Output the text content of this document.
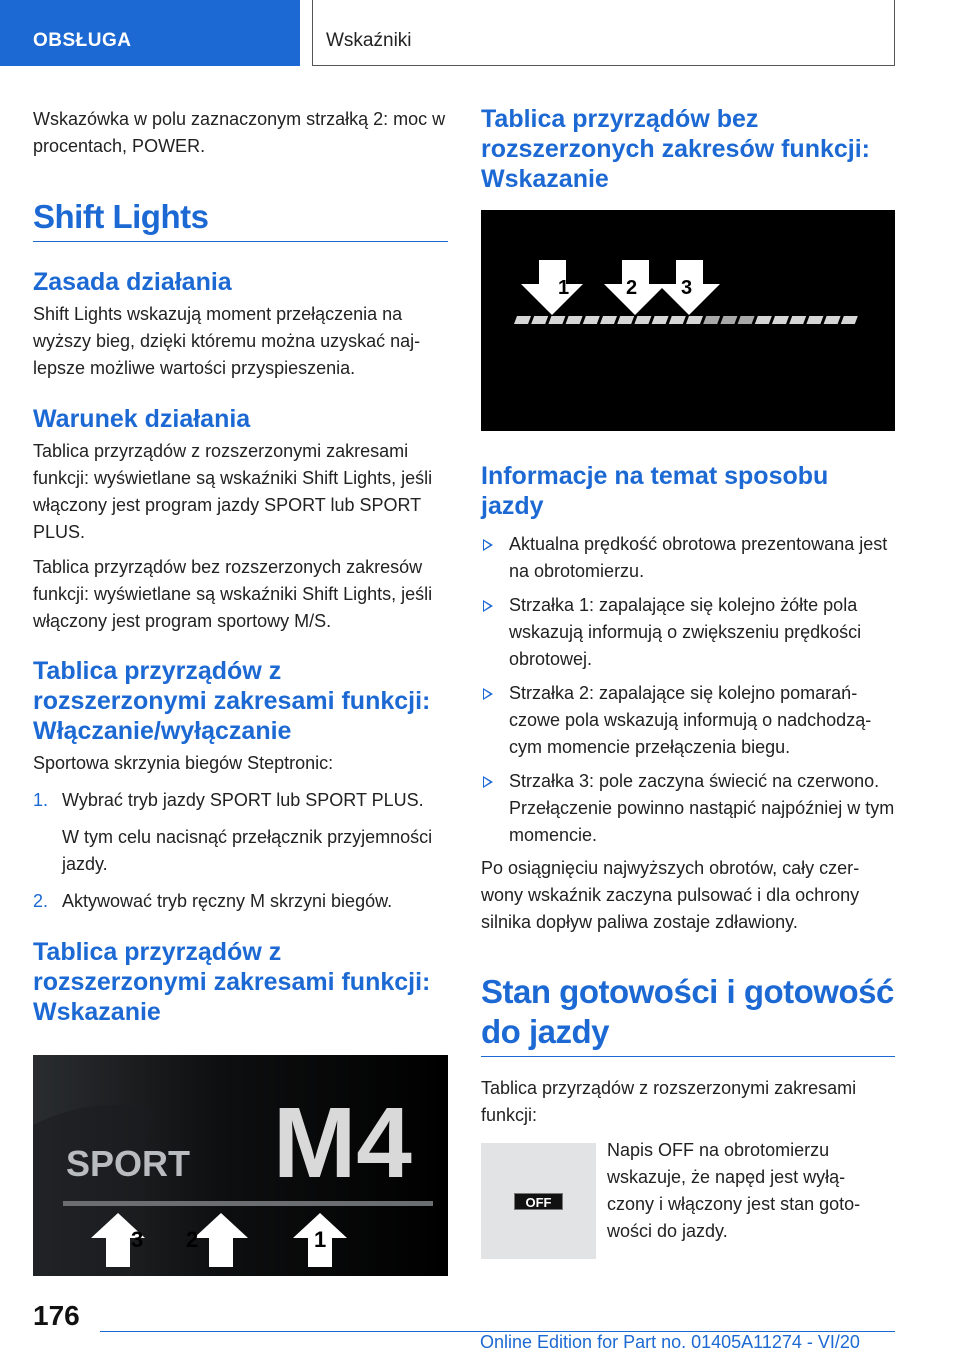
OBSŁUGA	Wskaźniki

Wskazówka w polu zaznaczonym strzałką 2: moc w procentach, POWER.

Shift Lights
Zasada działania

Shift Lights wskazują moment przełączenia na wyższy bieg, dzięki któremu można uzyskać najlepsze możliwe wartości przyspieszenia.

Warunek działania

Tablica przyrządów z rozszerzonymi zakresami funkcji: wyświetlane są wskaźniki Shift Lights, jeśli włączony jest program jazdy SPORT lub SPORT PLUS.

Tablica przyrządów bez rozszerzonych zakresów funkcji: wyświetlane są wskaźniki Shift Lights, jeśli włączony jest program sportowy M/S.

Tablica przyrządów z rozszerzonymi zakresami funkcji: Włączanie/wyłączanie

Sportowa skrzynia biegów Steptronic:

1. Wybrać tryb jazdy SPORT lub SPORT PLUS.
W tym celu nacisnąć przełącznik przyjemności jazdy.
2. Aktywować tryb ręczny M skrzyni biegów.
Tablica przyrządów z rozszerzonymi zakresami funkcji: Wskazanie
SPORT M4
3 2	1
Tablica przyrządów bez rozszerzonych zakresów funkcji: Wskazanie
1	2 3
Informacje na temat sposobu jazdy
Aktualna prędkość obrotowa prezentowana jest na obrotomierzu.
Strzałka 1: zapalające się kolejno żółte pola wskazują informują o zwiększeniu prędkości obrotowej.
Strzałka 2: zapalające się kolejno pomarańczowe pola wskazują informują o nadchodzącym momencie przełączenia biegu.
Strzałka 3: pole zaczyna świecić na czerwono. Przełączenie powinno nastąpić najpóźniej w tym momencie.

Po osiągnięciu najwyższych obrotów, cały czerwony wskaźnik zaczyna pulsować i dla ochrony silnika dopływ paliwa zostaje zdławiony.

Stan gotowości i gotowość do jazdy

Tablica przyrządów z rozszerzonymi zakresami funkcji:

OFF

Napis OFF na obrotomierzu wskazuje, że napęd jest wyłączony i włączony jest stan gotowości do jazdy.

176
Online Edition for Part no. 01405A11274 - VI/20
